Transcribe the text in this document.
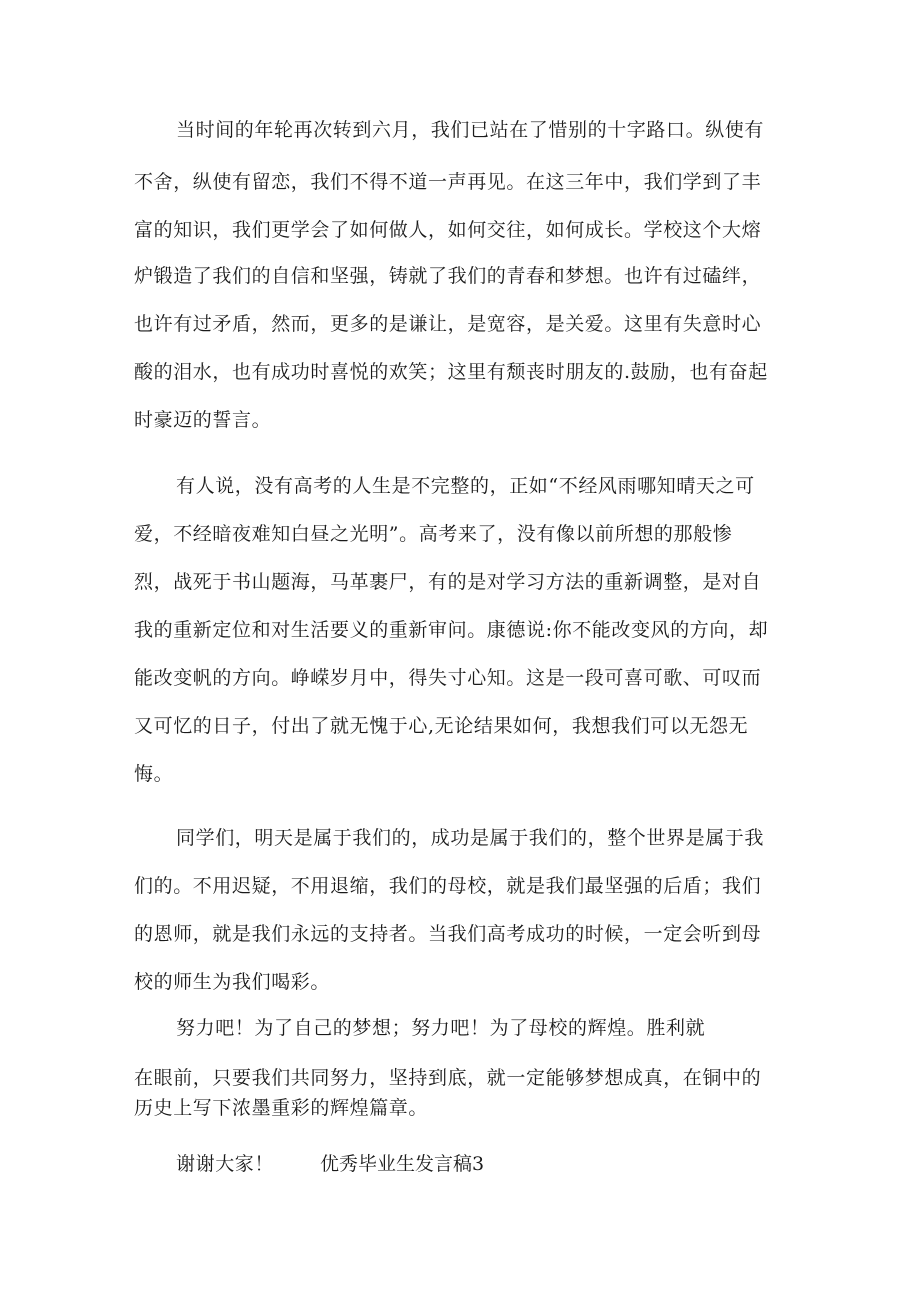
当时间的年轮再次转到六月，我们已站在了惜别的十字路口。纵使有
不舍，纵使有留恋，我们不得不道一声再见。在这三年中，我们学到了丰
富的知识，我们更学会了如何做人，如何交往，如何成长。学校这个大熔
炉锻造了我们的自信和坚强，铸就了我们的青春和梦想。也许有过磕绊，
也许有过矛盾，然而，更多的是谦让，是宽容，是关爱。这里有失意时心
酸的泪水，也有成功时喜悦的欢笑；这里有颓丧时朋友的.鼓励，也有奋起
时豪迈的誓言。
有人说，没有高考的人生是不完整的，正如“不经风雨哪知晴天之可
爱，不经暗夜难知白昼之光明”。高考来了，没有像以前所想的那般惨
烈，战死于书山题海，马革裹尸，有的是对学习方法的重新调整，是对自
我的重新定位和对生活要义的重新审问。康德说:你不能改变风的方向，却
能改变帆的方向。峥嵘岁月中，得失寸心知。这是一段可喜可歌、可叹而
又可忆的日子，付出了就无愧于心,无论结果如何，我想我们可以无怨无
悔。
同学们，明天是属于我们的，成功是属于我们的，整个世界是属于我
们的。不用迟疑，不用退缩，我们的母校，就是我们最坚强的后盾；我们
的恩师，就是我们永远的支持者。当我们高考成功的时候，一定会听到母
校的师生为我们喝彩。
努力吧！为了自己的梦想；努力吧！为了母校的辉煌。胜利就
在眼前，只要我们共同努力，坚持到底，就一定能够梦想成真，在铜中的
历史上写下浓墨重彩的辉煌篇章。
谢谢大家！ 优秀毕业生发言稿3
